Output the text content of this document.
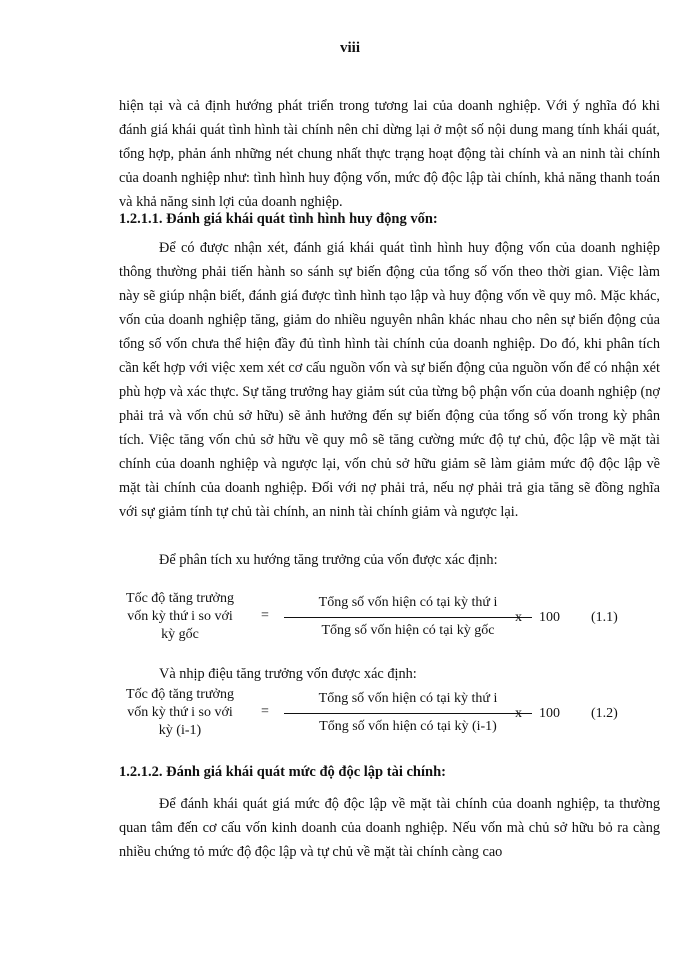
viii

hiện tại và cả định hướng phát triển trong tương lai của doanh nghiệp. Với ý nghĩa đó khi đánh giá khái quát tình hình tài chính nên chỉ dừng lại ở một số nội dung mang tính khái quát, tổng hợp, phản ánh những nét chung nhất thực trạng hoạt động tài chính và an ninh tài chính của doanh nghiệp như: tình hình huy động vốn, mức độ độc lập tài chính, khả năng thanh toán và khả năng sinh lợi của doanh nghiệp.

1.2.1.1. Đánh giá khái quát tình hình huy động vốn:

Để có được nhận xét, đánh giá khái quát tình hình huy động vốn của doanh nghiệp thông thường phải tiến hành so sánh sự biến động của tổng số vốn theo thời gian. Việc làm này sẽ giúp nhận biết, đánh giá được tình hình tạo lập và huy động vốn về quy mô. Mặc khác, vốn của doanh nghiệp tăng, giảm do nhiều nguyên nhân khác nhau cho nên sự biến động của tổng số vốn chưa thể hiện đầy đủ tình hình tài chính của doanh nghiệp. Do đó, khi phân tích cần kết hợp với việc xem xét cơ cấu nguồn vốn và sự biến động của nguồn vốn để có nhận xét phù hợp và xác thực. Sự tăng trưởng hay giảm sút của từng bộ phận vốn của doanh nghiệp (nợ phải trả và vốn chủ sở hữu) sẽ ảnh hưởng đến sự biến động của tổng số vốn trong kỳ phân tích. Việc tăng vốn chủ sở hữu về quy mô sẽ tăng cường mức độ tự chủ, độc lập về mặt tài chính của doanh nghiệp và ngược lại, vốn chủ sở hữu giảm sẽ làm giảm mức độ độc lập về mặt tài chính của doanh nghiệp. Đối với nợ phải trả, nếu nợ phải trả gia tăng sẽ đồng nghĩa với sự giảm tính tự chủ tài chính, an ninh tài chính giảm và ngược lại.

Để phân tích xu hướng tăng trưởng của vốn được xác định:

Tốc độ tăng trưởng
vốn kỳ thứ i so với
kỳ gốc
=
Tổng số vốn hiện có tại kỳ thứ i
Tổng số vốn hiện có tại kỳ gốc
x 100 (1.1)

Và nhịp điệu tăng trưởng vốn được xác định:

Tốc độ tăng trưởng
vốn kỳ thứ i so với
kỳ (i-1)
=
Tổng số vốn hiện có tại kỳ thứ i
Tổng số vốn hiện có tại kỳ (i-1)
x 100 (1.2)
1.2.1.2. Đánh giá khái quát mức độ độc lập tài chính:

Để đánh khái quát giá mức độ độc lập về mặt tài chính của doanh nghiệp, ta thường quan tâm đến cơ cấu vốn kinh doanh của doanh nghiệp. Nếu vốn mà chủ sở hữu bỏ ra càng nhiều chứng tỏ mức độ độc lập và tự chủ về mặt tài chính càng cao
